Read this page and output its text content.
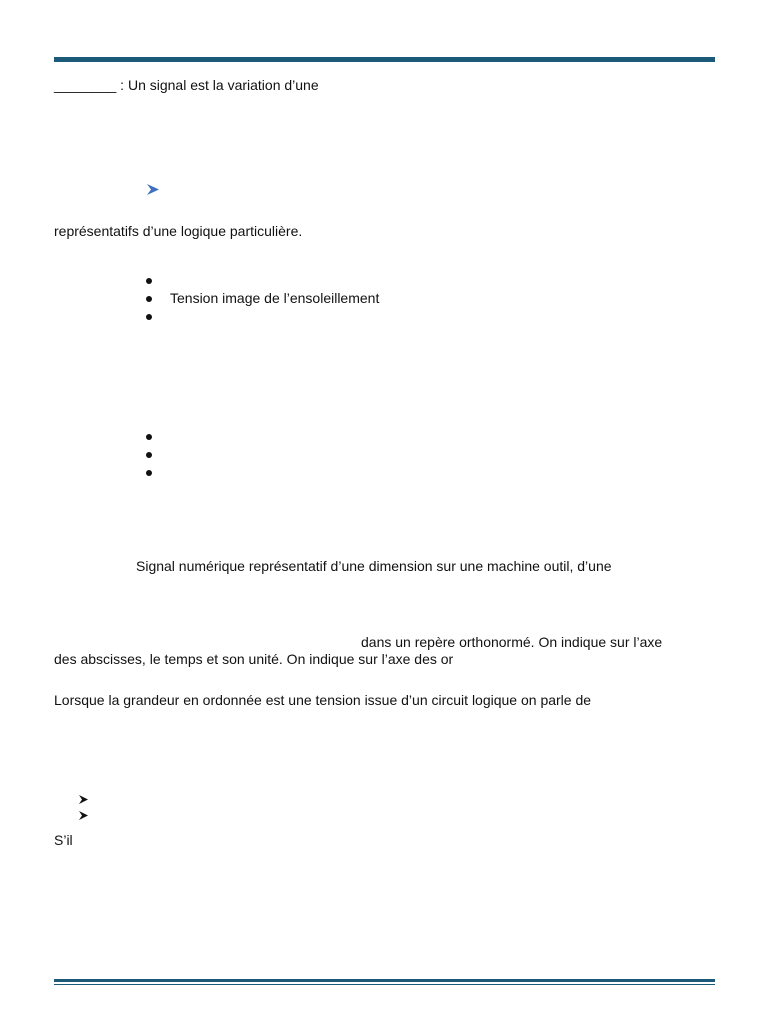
________ : Un signal est la variation d’une
représentatifs d’une logique particulière.
Tension image de l’ensoleillement
Signal numérique représentatif d’une dimension sur une machine outil, d’une
dans un repère orthonormé. On indique sur l’axe
des abscisses, le temps et son unité. On indique sur l’axe des or
Lorsque la grandeur en ordonnée est une tension issue d’un circuit logique on parle de
S’il
